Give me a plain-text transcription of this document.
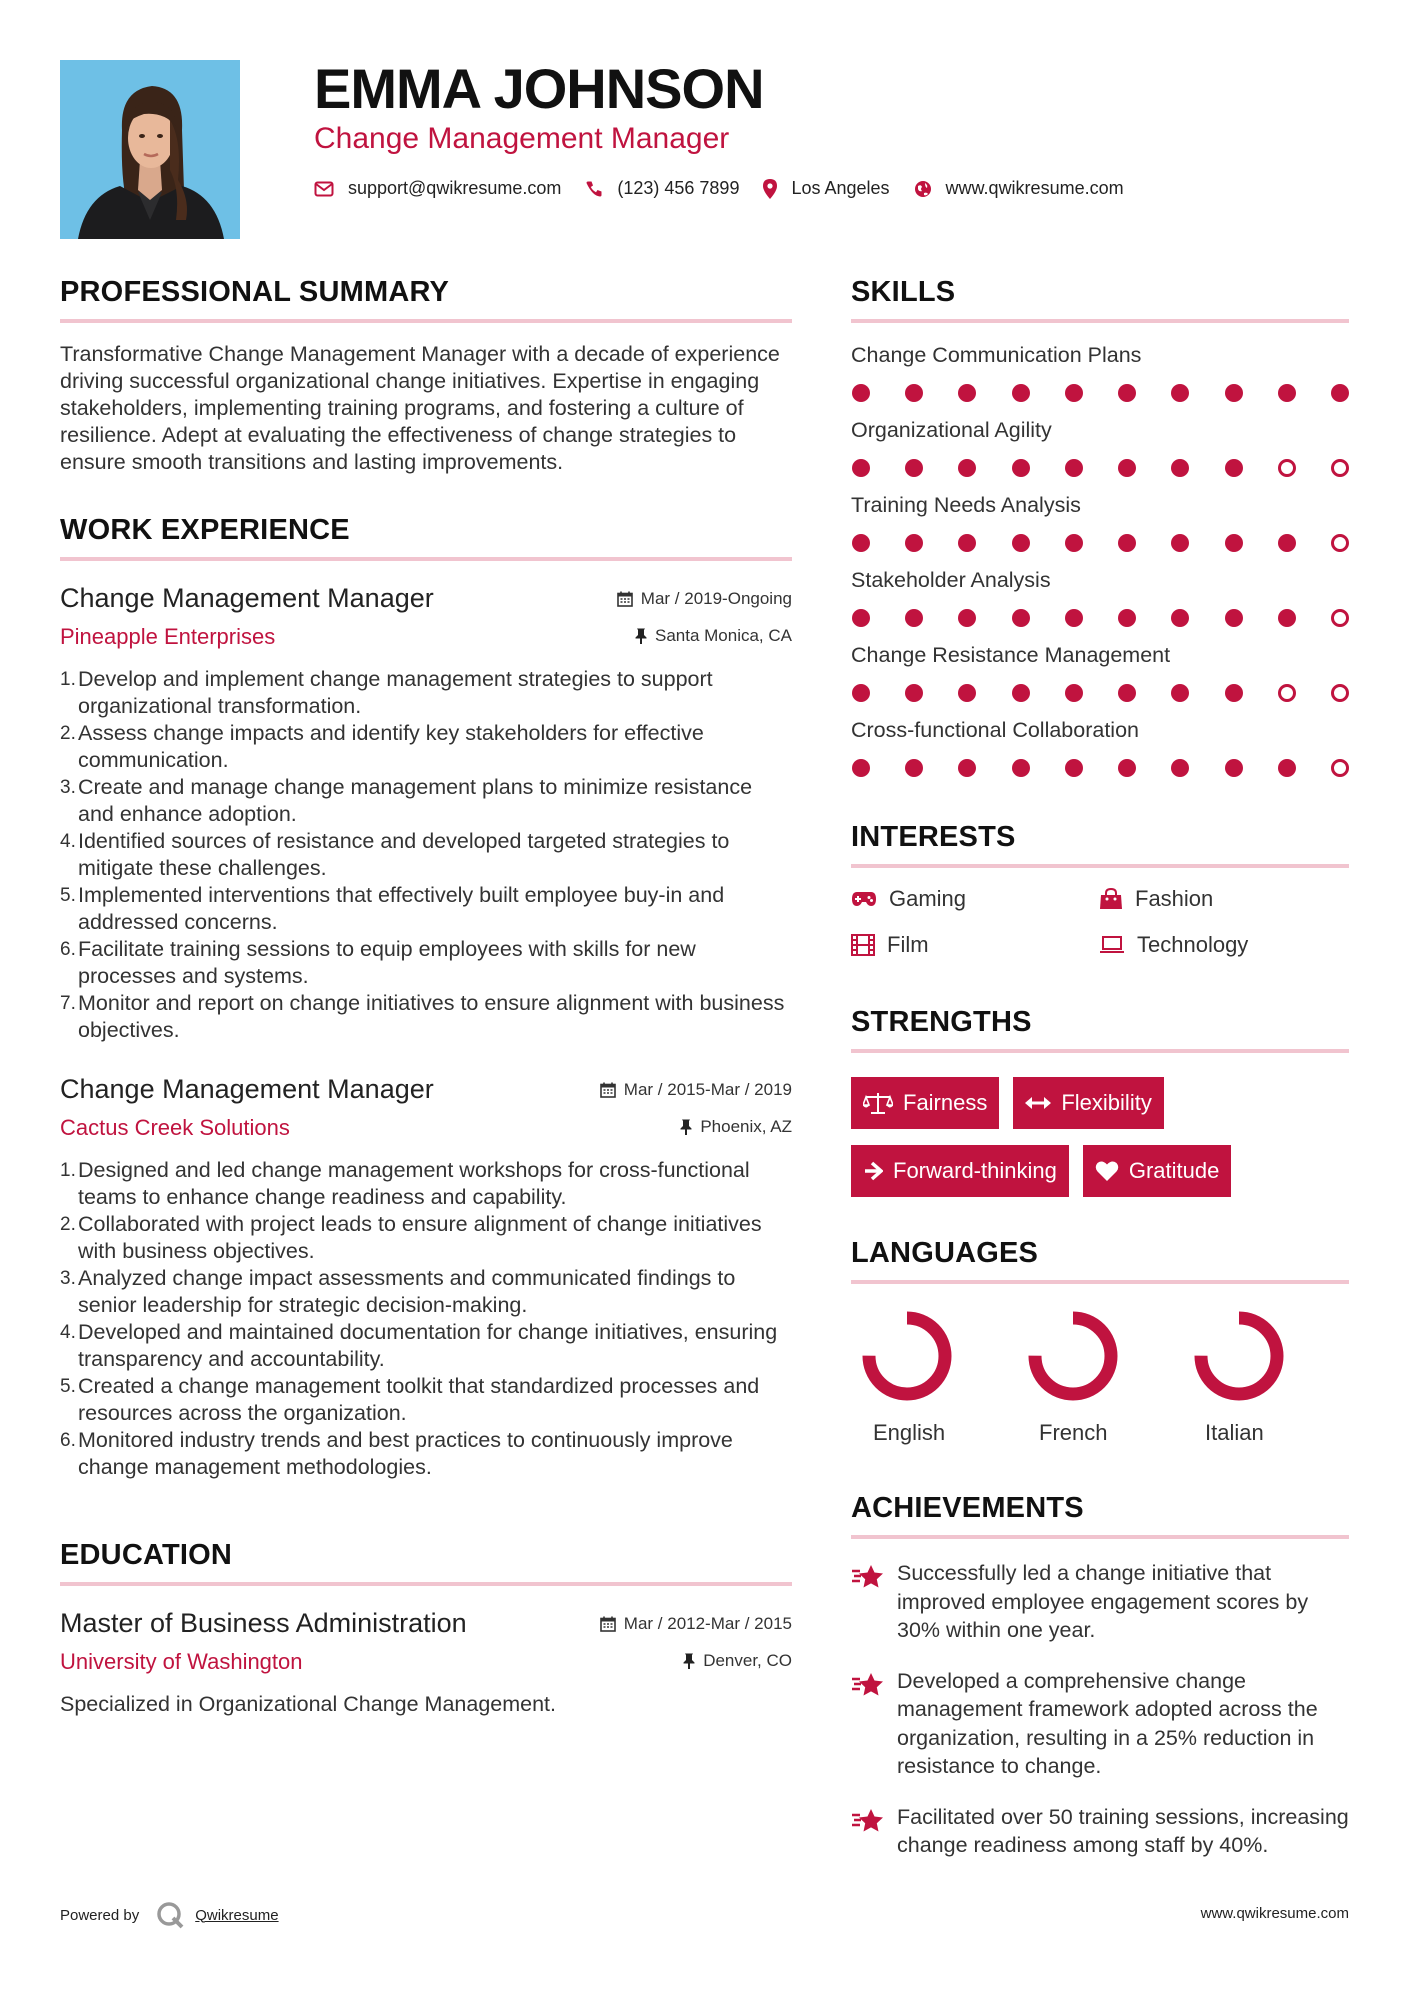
EMMA JOHNSON
Change Management Manager
support@qwikresume.com	(123) 456 7899	Los Angeles	www.qwikresume.com
PROFESSIONAL SUMMARY

Transformative Change Management Manager with a decade of experience driving successful organizational change initiatives. Expertise in engaging stakeholders, implementing training programs, and fostering a culture of resilience. Adept at evaluating the effectiveness of change strategies to ensure smooth transitions and lasting improvements.

WORK EXPERIENCE
Change Management Manager	Mar / 2019-Ongoing
Pineapple Enterprises	Santa Monica, CA
1. Develop and implement change management strategies to support organizational transformation.
2. Assess change impacts and identify key stakeholders for effective communication.
3. Create and manage change management plans to minimize resistance and enhance adoption.
4. Identified sources of resistance and developed targeted strategies to mitigate these challenges.
5. Implemented interventions that effectively built employee buy-in and addressed concerns.
6. Facilitate training sessions to equip employees with skills for new processes and systems.
7. Monitor and report on change initiatives to ensure alignment with business objectives.
Change Management Manager	Mar / 2015-Mar / 2019
Cactus Creek Solutions	Phoenix, AZ
1. Designed and led change management workshops for cross-functional teams to enhance change readiness and capability.
2. Collaborated with project leads to ensure alignment of change initiatives with business objectives.
3. Analyzed change impact assessments and communicated findings to senior leadership for strategic decision-making.
4. Developed and maintained documentation for change initiatives, ensuring transparency and accountability.
5. Created a change management toolkit that standardized processes and resources across the organization.
6. Monitored industry trends and best practices to continuously improve change management methodologies.
EDUCATION
Master of Business Administration	Mar / 2012-Mar / 2015
University of Washington	Denver, CO

Specialized in Organizational Change Management.

SKILLS
Change Communication Plans
Organizational Agility
Training Needs Analysis
Stakeholder Analysis
Change Resistance Management
Cross-functional Collaboration
INTERESTS
Gaming	Fashion
Film	Technology
STRENGTHS
Fairness	Flexibility
Forward-thinking	Gratitude
LANGUAGES
English	French	Italian
ACHIEVEMENTS
Successfully led a change initiative that improved employee engagement scores by 30% within one year.
Developed a comprehensive change management framework adopted across the organization, resulting in a 25% reduction in resistance to change.
Facilitated over 50 training sessions, increasing change readiness among staff by 40%.
Powered by	Qwikresume	www.qwikresume.com
